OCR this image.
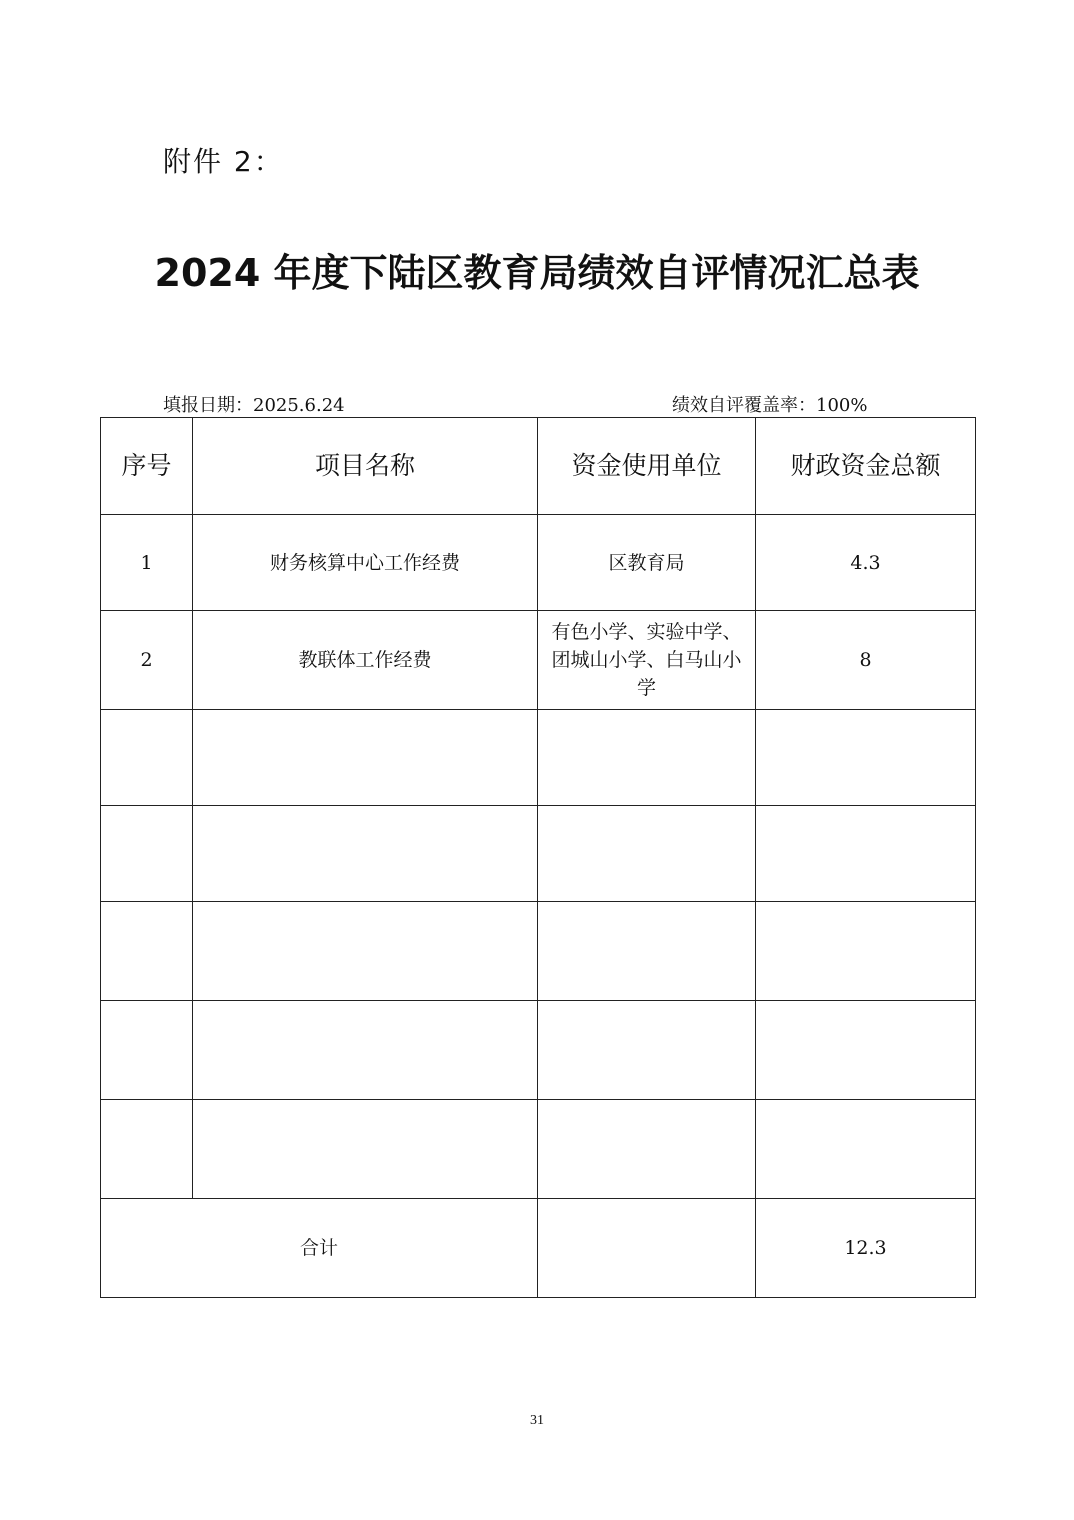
附件 2：
2024 年度下陆区教育局绩效自评情况汇总表
填报日期：2025.6.24	绩效自评覆盖率：100%
序号	项目名称	资金使用单位	财政资金总额
1	财务核算中心工作经费	区教育局	4.3
2	教联体工作经费	有色小学、实验中学、团城山小学、白马山小学	8

合计			12.3
31
